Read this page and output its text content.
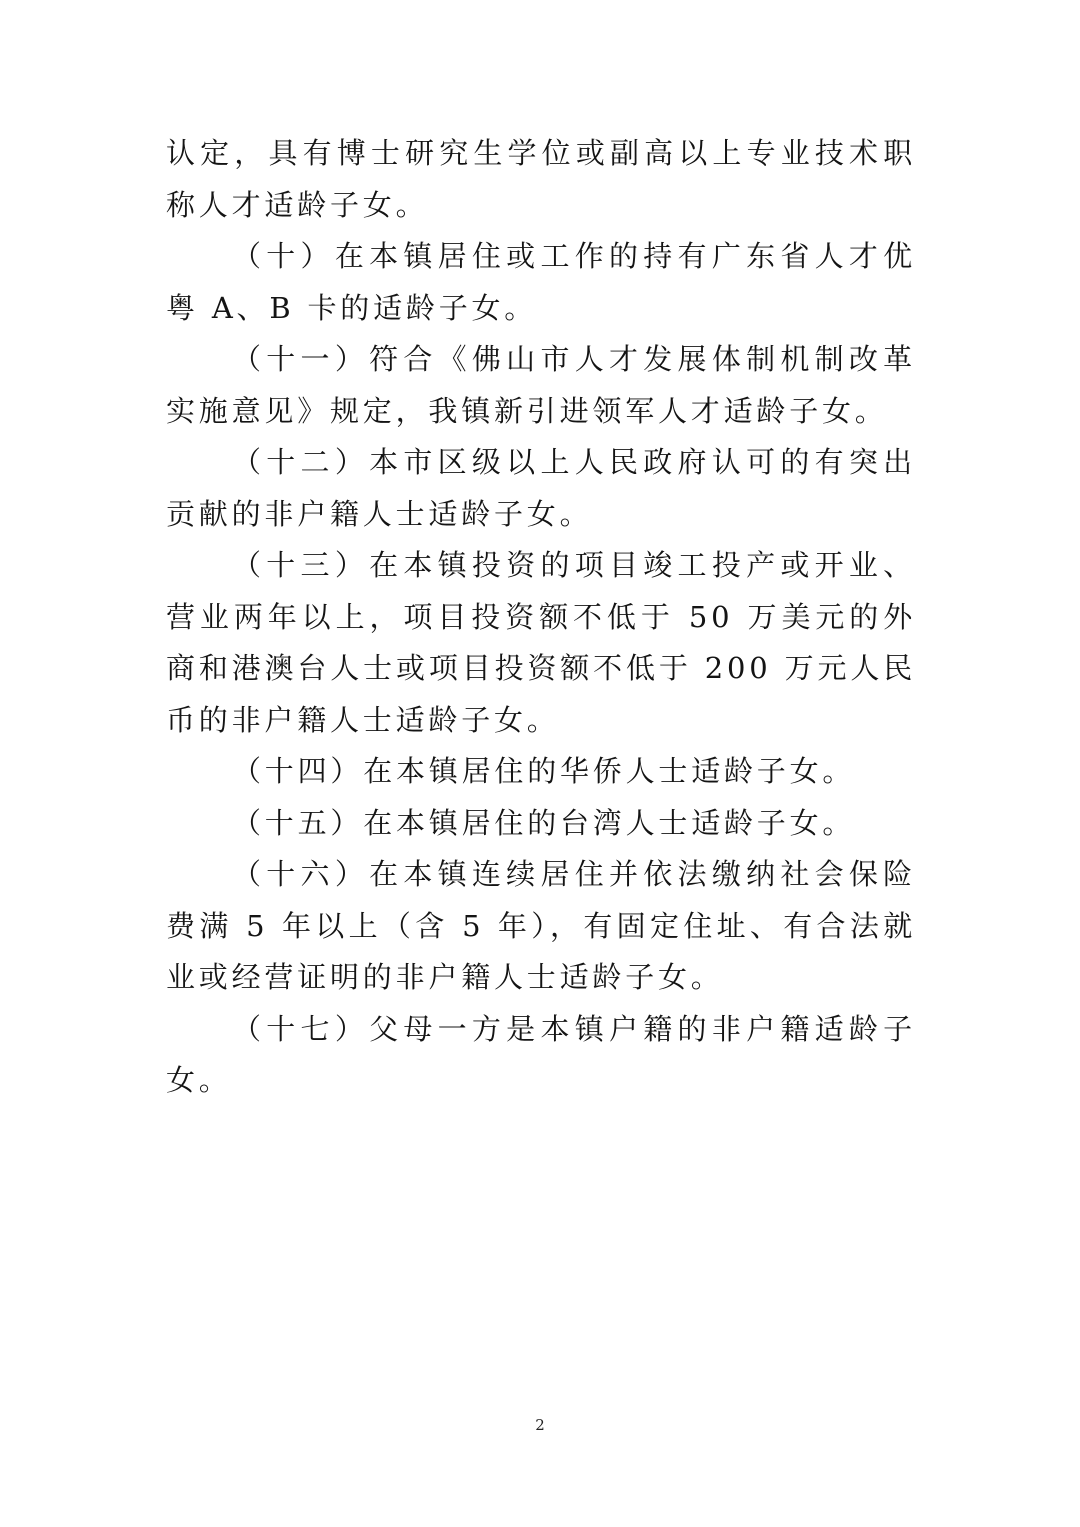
认定，具有博士研究生学位或副高以上专业技术职称人才适龄子女。

（十）在本镇居住或工作的持有广东省人才优粤 A、B 卡的适龄子女。

（十一）符合《佛山市人才发展体制机制改革实施意见》规定，我镇新引进领军人才适龄子女。

（十二）本市区级以上人民政府认可的有突出贡献的非户籍人士适龄子女。

（十三）在本镇投资的项目竣工投产或开业、营业两年以上，项目投资额不低于 50 万美元的外商和港澳台人士或项目投资额不低于 200 万元人民币的非户籍人士适龄子女。

（十四）在本镇居住的华侨人士适龄子女。

（十五）在本镇居住的台湾人士适龄子女。

（十六）在本镇连续居住并依法缴纳社会保险费满 5 年以上（含 5 年），有固定住址、有合法就业或经营证明的非户籍人士适龄子女。

（十七）父母一方是本镇户籍的非户籍适龄子女。

2
